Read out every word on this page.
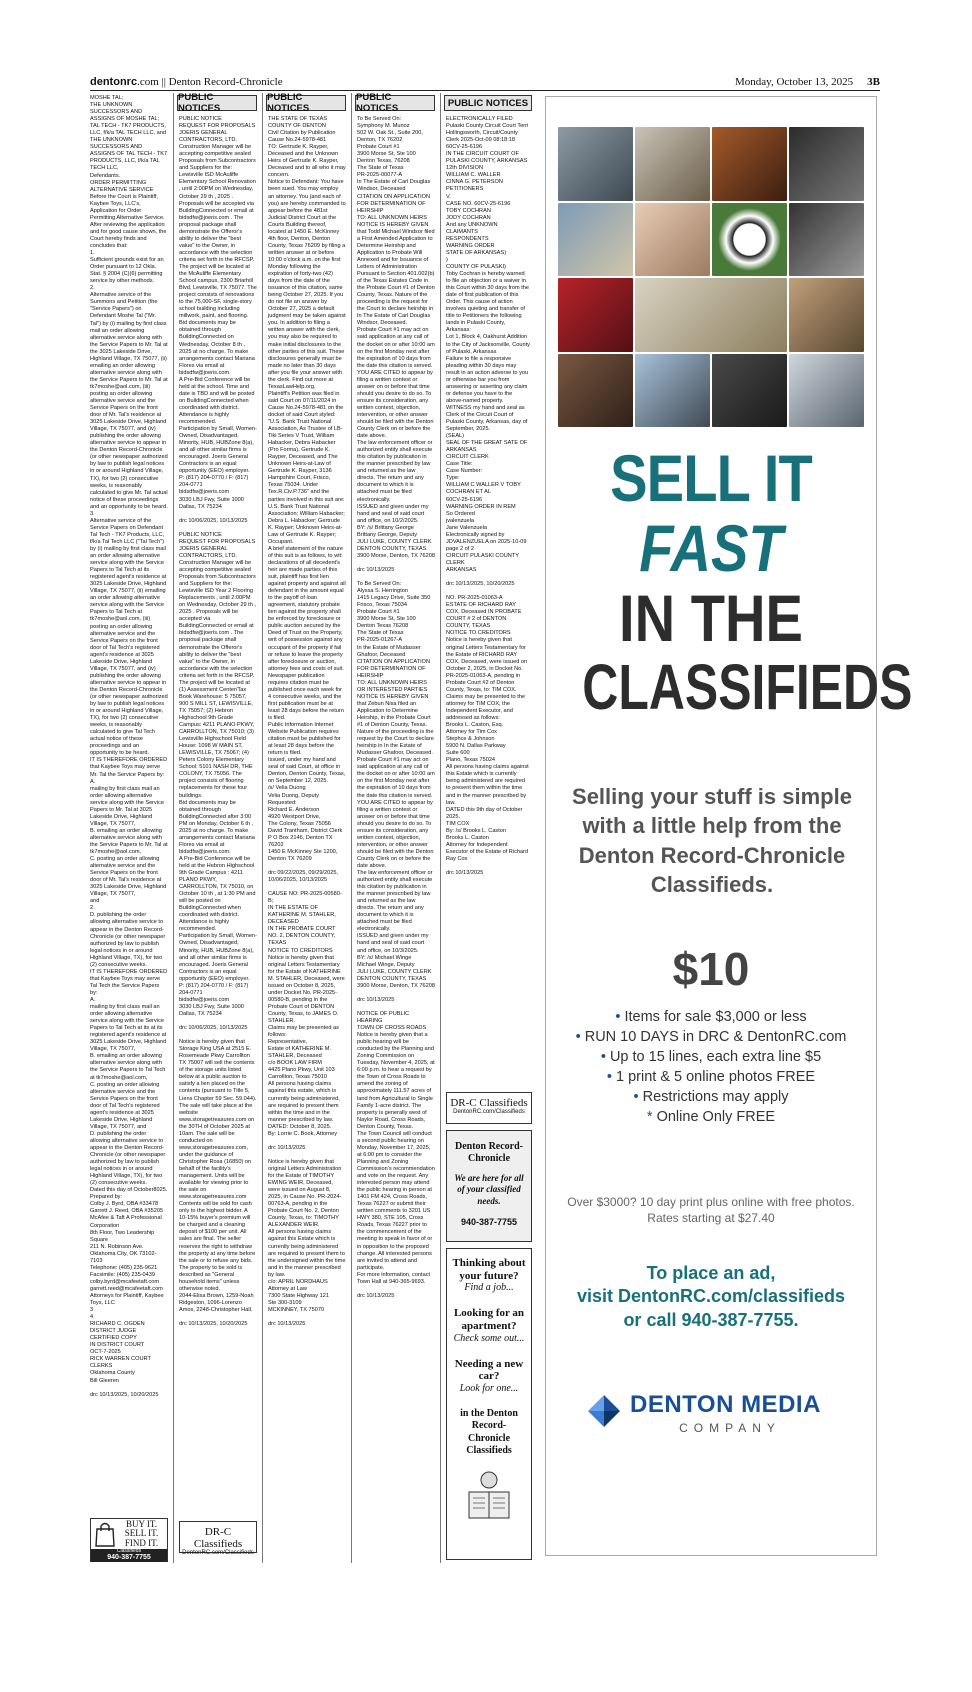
dentonrc.com || Denton Record-Chronicle	Monday, October 13, 2025 3B

MOSHE TAL;
THE UNKNOWN SUCCESSORS AND ASSIGNS OF MOSHE TAL;
TAL TECH - TK7 PRODUCTS, LLC, f/k/a TAL TECH LLC, and THE UNKNOWN SUCCESSORS AND ASSIGNS OF TAL TECH - TK7 PRODUCTS, LLC, f/k/a TAL TECH LLC,
Defendants.
ORDER PERMITTING ALTERNATIVE SERVICE
Before the Court is Plaintiff, Kaybee Toys, LLC's, Application for Order Permitting Alternative Service. After reviewing the application and for good cause shown, the Court hereby finds and concludes that:
1.
Sufficient grounds exist for an Order pursuant to 12 Okla. Stat. § 2004 (C)(6) permitting service by other methods.
2.
Alternative service of the Summons and Petition (the "Service Papers") on Defendant Moshe Tal ("Mr. Tal") by (i) mailing by first class mail an order allowing alternative service along with the Service Papers to Mr. Tal at the 3025 Lakeside Drive, Highland Village, TX 75077, (ii) emailing an order allowing alternative service along with the Service Papers to Mr. Tal at tk7moshe@aol.com, (iii) posting an order allowing alternative service and the Service Papers on the front door of Mr. Tal's residence at 3025 Lakeside Drive, Highland Village, TX 75077, and (iv) publishing the order allowing alternative service to appear in the Denton Record-Chronicle (or other newspaper authorized by law to publish legal notices in or around Highland Village, TX), for two (2) consecutive weeks, is reasonably calculated to give Mr. Tal actual notice of these proceedings and an opportunity to be heard.
3.
Alternative service of the Service Papers on Defendant Tal Tech - TK7 Products, LLC, f/k/a Tal Tech LLC ("Tal Tech") by (i) mailing by first class mail an order allowing alternative service along with the Service Papers to Tal Tech at its registered agent's residence at 3025 Lakeside Drive, Highland Village, TX 75077, (ii) emailing an order allowing alternative service along with the Service Papers to Tal Tech at tk7moshe@aol.com, (iii) posting an order allowing alternative service and the Service Papers on the front door of Tal Tech's registered agent's residence at 3025 Lakeside Drive, Highland Village, TX 75077, and (iv) publishing the order allowing alternative service to appear in the Denton Record-Chronicle (or other newspaper authorized by law to publish legal notices in or around Highland Village, TX), for two (2) consecutive weeks, is reasonably calculated to give Tal Tech actual notice of these proceedings and an opportunity to be heard.
IT IS THEREFORE ORDERED that Kaybee Toys may serve Mr. Tal the Service Papers by:
A.
mailing by first class mail an order allowing alternative service along with the Service Papers to Mr. Tal at 3025 Lakeside Drive, Highland Village, TX 75077,
B. emailing an order allowing alternative service along with the Service Papers to Mr. Tal at tk7moshe@aol.com,
C. posting an order allowing alternative service and the Service Papers on the front door of Mr. Tal's residence at 3025 Lakeside Drive, Highland Village, TX 75077,
and
2.
D. publishing the order allowing alternative service to appear in the Denton Record-Chronicle (or other newspaper authorized by law to publish legal notices in or around Highland Village, TX), for two (2) consecutive weeks.
IT IS THEREFORE ORDERED that Kaybee Toys may serve Tal Tech the Service Papers by:
A.
mailing by first class mail an order allowing alternative service along with the Service Papers to Tal Tech at its at its registered agent's residence at 3025 Lakeside Drive, Highland Village, TX 75077,
B. emailing an order allowing alternative service along with the Service Papers to Tal Tech at tk7moshe@aol.com,
C. posting an order allowing alternative service and the Service Papers on the front door of Tal Tech's registered agent's residence at 3025 Lakeside Drive, Highland Village, TX 75077, and
D. publishing the order allowing alternative service to appear in the Denton Record-Chronicle (or other newspaper authorized by law to publish legal notices in or around Highland Village, TX), for two (2) consecutive weeks.
Dated this day of October8025.
Prepared by:
Colby J. Byrd, OBA #33478
Garrett J. Reed, OBA #35205
McAfee & Taft A Professional Corporation
8th Floor, Two Leadership Square
211 N. Robinson Ave.
Oklahoma City, OK 73102-7103
Telephone: (405) 235-9621
Facsimile: (405) 235-0439
colby.byrd@mcafeetaft.com
garrett.reed@mcafeetaft.com
Attorneys for Plaintiff, Kaybee Toys, LLC
3
4
RICHARD C. OGDEN
DISTRICT JUDGE
CERTIFIED COPY
IN DISTRICT COURT
OCT-7-2025
RICK WARREN COURT CLERKS
Oklahoma County
Bill Gleeren

drc 10/13/2025, 10/20/2025

BUY IT.
SELL IT.
FIND IT.
Classifieds
940-387-7755
PUBLIC NOTICES

PUBLIC NOTICE
REQUEST FOR PROPOSALS
JOERIS GENERAL CONTRACTORS, LTD.
Construction Manager will be accepting competitive sealed Proposals from Subcontractors and Suppliers for the: Lewisville ISD McAuliffe Elementary School Renovation , until 2:00PM on Wednesday, October 29 th , 2025 . Proposals will be accepted via BuildingConnected or email at bidsdfw@joeris.com . The proposal package shall demonstrate the Offeror's ability to deliver the "best value" to the Owner, in accordance with the selection criteria set forth in the RFCSP.
The project will be located at the McAuliffe Elementary School campus, 2300 Briarhill Blvd, Lewisville, TX 75077. The project consists of renovations to the 75,000-SF, single-story school building including millwork, paint, and flooring.
Bid documents may be obtained through BuildingConnected on Wednesday, October 8 th , 2025 at no charge. To make arrangements contact Mariana Flores via email at bidsdfw@joeris.com.
A Pre-Bid Conference will be held at the school. Time and date is TBD and will be posted on BuildingConnected when coordinated with district. Attendance is highly recommended.
Participation by Small, Women-Owned, Disadvantaged, Minority, HUB, HUBZone 8(a), and all other similar firms is encouraged. Joeris General Contractors is an equal opportunity (EEO) employer.
P: (817) 204-0770 / F: (817) 204-0771
bidsdfw@joeris.com
3030 LBJ Fwy, Suite 1000
Dallas, TX 75234

drc 10/06/2025, 10/13/2025

PUBLIC NOTICE
REQUEST FOR PROPOSALS
JOERIS GENERAL CONTRACTORS, LTD.
Construction Manager will be accepting competitive sealed Proposals from Subcontractors and Suppliers for the: Lewisville ISD Year 2 Flooring Replacements , until 2:00PM on Wednesday, October 29 th , 2025 . Proposals will be accepted via BuildingConnected or email at bidsdfw@joeris.com . The proposal package shall demonstrate the Offeror's ability to deliver the "best value" to the Owner, in accordance with the selection criteria set forth in the RFCSP.
The project will be located at (1) Assessment Center/Tax Book Warehouse: 5 75057, 900 S MILL ST, LEWISVILLE, TX 75057; (2) Hebron Highschool 9th Grade Campus: 4211 PLANO PKWY, CARROLLTON, TX 75010; (3) Lewisville Highschool Field House: 1098 W MAIN ST, LEWISVILLE, TX 75067; (4) Peters Colony Elementary School: 5101 NASH DR, THE COLONY, TX 75056. The project consists of flooring replacements for these four buildings.
Bid documents may be obtained through BuildingConnected after 3:00 PM on Monday, October 6 th , 2025 at no charge. To make arrangements contact Mariana Flores via email at bidsdfw@joeris.com.
A Pre-Bid Conference will be held at the Hebron Highschool 9th Grade Campus : 4211 PLANO PKWY, CARROLLTON, TX 75010, on October 10 th , at 1:30 PM and will be posted on BuildingConnected when coordinated with district. Attendance is highly recommended.
Participation by Small, Women-Owned, Disadvantaged, Minority, HUB, HUBZone 8(a), and all other similar firms is encouraged. Joeris General Contractors is an equal opportunity (EEO) employer.
P: (817) 204-0770 / F: (817) 204-0771
bidsdfw@joeris.com
3030 LBJ Fwy, Suite 1000
Dallas, TX 75234

drc 10/06/2025, 10/13/2025

Notice is hereby given that Storage King USA at 2515 E. Rosemeade Pkwy Carrollton TX 75007 will sell the contents of the storage units listed below at a public auction to satisfy a lien placed on the contents (pursuant to Title 5, Liens Chapter 59 Sec. 59.044). The sale will take place at the website www.storagetreasures.com on the 30TH of October 2025 at 10am. The sale will be conducted on www.storagetreasures.com, under the guidance of Christopher Rosa (16850) on behalf of the facility's management. Units will be available for viewing prior to the sale on www.storagetreasures.com Contents will be sold for cash only to the highest bidder. A 10-15% buyer's premium will be charged and a cleaning deposit of $100 per unit. All sales are final. The seller reserves the right to withdraw the property at any time before the sale or to refuse any bids. The property to be sold is described as "General household items" unless otherwise noted.
2044-Elisa Brown, 1259-Noah Ridgeston, 1096-Lorenzo Amos, 2248-Christopher Hall.

drc 10/13/2025, 10/20/2025

DR-C Classifieds
DentonRC.com/Classifieds
PUBLIC NOTICES

THE STATE OF TEXAS
COUNTY OF DENTON
Civil Citation by Publication
Cause No.24-5978-481
TO: Gertrude K. Rayper, Deceased and the Unknown Heirs of Gertrude K. Rayper, Deceased and to all who it may concern.
Notice to Defendant: You have been sued. You may employ an attorney. You (and each of you) are hereby commanded to appear before the 481st Judicial District Court at the Courts Building thereof, located at 1450 E. McKinney 4th floor, Denton, Denton County, Texas 76209 by filing a written answer at or before 10:00 o'clock a.m. on the first Monday following the expiration of forty-two (42) days from the date of the issuance of this citation, same being October 27, 2025. If you do not file an answer by October 27, 2025 a default judgment may be taken against you. In addition to filing a written answer with the clerk, you may also be required to make initial disclosures to the other parties of this suit. These disclosures generally must be made no later than 30 days after you file your answer with the clerk. Find out more at TexasLawHelp.org.
Plaintiff's Petition was filed in said Court on 07/11/2024 in Cause No.24-5978-481 on the docket of said Court styled: "U.S. Bank Trust National Association, As Trustee of LB-Tiki Series V Trust, William Habacker, Debra Habacker (Pro Forma), Gertrude K. Rayper, Deceased, and The Unknown Heirs-at-Law of Gertrude K. Rayper, 3136 Hampshire Court, Frisco, Texas 75034. Under Tex.R.Civ.P.736" and the parties involved in this suit are: U.S. Bank Trust National Association; William Habacker; Debra L. Habacker; Gertrude K. Rayper; Unknown Heirs-at-Law of Gertrude K. Rayper; Occupant.
A brief statement of the nature of this suit is as follows, to wit: declarations of all decedent's heir are made parties of this suit, plaintiff has first lien against property and against all defendant in the amount equal to the payoff of loan agreement, statutory probate lien against the property shall be enforced by foreclosure or public auction secured by the Deed of Trust on the Property, writ of possession against any occupant of the property if fail or refuse to leave the property after foreclosure or auction, attorney fees and costs of suit.
Newspaper publication requires citation must be published once each week for 4 consecutive weeks, and the first publication must be at least 28 days before the return is filed.
Public Information Internet Website Publication requires citation must be published for at least 28 days before the return is filed.
Issued, under my hand and seal of said Court, at office in Denton, Denton County, Texas, on September 12, 2025.
/s/ Velia Duong
Velia Duong, Deputy
Requested:
Richard E. Anderson
4920 Westport Drive,
The Colony, Texas 75056
David Trantham, District Clerk
P O Box 2146, Denton TX 76202
1450 E McKinney Ste 1200,
Denton TX 76209

drc 09/22/2025, 09/29/2025, 10/06/2025, 10/13/2025

CAUSE NO: PR-2025-00580-B;
IN THE ESTATE OF KATHERINE M. STAHLER, DECEASED
IN THE PROBATE COURT NO. 2, DENTON COUNTY, TEXAS
NOTICE TO CREDITORS
Notice is hereby given that original Letters Testamentary for the Estate of KATHERINE M. STAHLER, Deceased, were issued on October 8, 2025, under Docket No. PR-2025-00580-B, pending in the Probate Court of DENTON County, Texas, to JAMES O. STAHLER.
Claims may be presented as follows:
Representative,
Estate of KATHERINE M. STAHLER, Deceased
c/o BOOK LAW FIRM
4425 Plano Pkwy, Unit 103
Carrollton, Texas 75010
All persons having claims against this estate, which is currently being administered, are required to present them within the time and in the manner prescribed by law.
DATED: October 8, 2025.
By: Lorrie C. Book, Attorney

drc 10/13/2025

Notice is hereby given that original Letters Administration for the Estate of TIMOTHY EWING WEIR, Deceased, were issued on August 8, 2025, in Cause No. PR-2024-00763-A, pending in the Probate Court No. 2, Denton County, Texas, to: TIMOTHY ALEXANDER WEIR.
All persons having claims against this Estate which is currently being administered are required to present them to the undersigned within the time and in the manner prescribed by law.
c/o: APRIL NORDHAUS
Attorney at Law
7300 State Highway 121
Ste 300-3109
MCKINNEY, TX 75070

drc 10/13/2025

PUBLIC NOTICES

To Be Served On:
Symphony M. Munoz
502 W. Oak St., Suite 200,
Denton, TX 76202
Probate Court #1
3900 Morse St, Ste 100
Denton Texas, 76208
The State of Texas
PR-2025-00077-A
In The Estate of Carl Douglas Windsor, Deceased
CITATION ON APPLICATION FOR DETERMINATION OF HEIRSHIP
TO: ALL UNKNOWN HEIRS
NOTICE IS HEREBY GIVEN that Todd Michael Windsor filed a First Amended Application to Determine Heirship and Application to Probate Will Annexed and for Issuance of Letters of Administration Pursuant to Section 401.002(b) of the Texas Estates Code in the Probate Court #1 of Denton County, Texas. Nature of the proceeding is the request for the Court to declare heirship in In The Estate of Carl Douglas Windsor, Deceased.
Probate Court #1 may act on said application at any call of the docket on or after 10:00 am on the first Monday next after the expiration of 10 days from the date this citation is served.
YOU ARE CITED to appear by filing a written contest or answer on or before that time should you desire to do so. To ensure its consideration, any written contest, objection, intervention, or other answer should be filed with the Denton County Clerk on or before the date above.
The law enforcement officer or authorized entity shall execute this citation by publication in the manner prescribed by law and returned as the law directs. The return and any document to which it is attached must be filed electronically.
ISSUED and given under my hand and seal of said court and office, on 10/2/2025.
BY: /s/ Brittany George
Brittany George, Deputy
JULI LUKE, COUNTY CLERK
DENTON COUNTY, TEXAS
3900 Morse, Denton, TX 76208

drc 10/13/2025

To Be Served On:
Alyssa S. Herrington
1415 Legacy Drive, Suite 350
Frisco, Texas 75034
Probate Court #1
3900 Morse St, Ste 100
Denton Texas 76208
The State of Texas
PR-2025-01267-A
In the Estate of Mudasser Ghafoor, Deceased
CITATION ON APPLICATION FOR DETERMINATION OF HEIRSHIP
TO: ALL UNKNOWN HEIRS OR INTERESTED PARTIES
NOTICE IS HEREBY GIVEN that Zebun Nisa filed an Application to Determine Heirship, in the Probate Court #1 of Denton County, Texas. Nature of the proceeding is the request by the Court to declare heirship in In the Estate of Mudasser Ghafoor, Deceased.
Probate Court #1 may act on said application at any call of the docket on or after 10:00 am on the first Monday next after the expiration of 10 days from the date this citation is served.
YOU ARE CITED to appear by filing a written contest or answer on or before that time should you desire to do so. To ensure its consideration, any written contest, objection, intervention, or other answer should be filed with the Denton County Clerk on or before the date above.
The law enforcement officer or authorized entity shall execute this citation by publication in the manner prescribed by law and returned as the law directs. The return and any document to which it is attached must be filed electronically.
ISSUED and given under my hand and seal of said court and office, on 10/3/2025.
BY: /s/ Michael Winge
Michael Winge, Deputy
JULI LUKE, COUNTY CLERK
DENTON COUNTY, TEXAS
3900 Morse, Denton, TX 76208

drc 10/13/2025

NOTICE OF PUBLIC HEARING
TOWN OF CROSS ROADS
Notice is hereby given that a public hearing will be conducted by the Planning and Zoning Commission on Tuesday, November 4, 2025, at 6:00 p.m. to hear a request by the Town of Cross Roads to amend the zoning of approximately 111.57 acres of land from Agricultural to Single Family 1-acre district. The property is generally west of Naylor Road, Cross Roads, Denton County, Texas.
The Town Council will conduct a second public hearing on Monday, November 17, 2025, at 6:00 pm to consider the Planning and Zoning Commission's recommendation and vote on the request. Any interested person may attend the public hearing in person at 1401 FM 424, Cross Roads, Texas 76227 or submit their written comments to 3201 US HWY 380, STE 105, Cross Roads, Texas 76227 prior to the commencement of the meeting to speak in favor of or in opposition to the proposed change. All interested persons are invited to attend and participate.
For more information, contact Town Hall at 940-365-9693.

drc 10/13/2025

PUBLIC NOTICES

ELECTRONICALLY FILED
Pulaski County Circuit Court Terri Hollingsworth, Circuit/County Clerk 2025-Oct-09 08:18:18 60CV-25-6196
IN THE CIRCUIT COURT OF PULASKI COUNTY, ARKANSAS 12th DIVISION
WILLIAM C. WALLER
CINNA G. PETERSON
PETITIONERS
V.
CASE NO. 60CV-25-6196
TOBY COCHRAN
JODY COCHRAN
And any UNKNOWN CLAIMANTS
RESPONDENTS
WARNING ORDER
STATE OF ARKANSAS)
)
COUNTY OF PULASKI)
Toby Cochran is hereby warned to file an objection or a waiver in this Court within 30 days from the date of first publication of this Order. This cause of action involves quieting and transfer of title to Petitioners the following lands in Pulaski County, Arkansas:
Lot 1, Block 4, Oakhurst Addition to the City of Jacksonville, County of Pulaski, Arkansas
Failure to file a responsive pleading within 30 days may result in an action adverse to you or otherwise bar you from answering or asserting any claim or defense you have to the above-named property.
WITNESS my hand and seal as Clerk of the Circuit Court of Pulaski County, Arkansas, day of September, 2025.
(SEAL)
SEAL OF THE GREAT SATE OF ARKANSAS
CIRCUIT CLERK
Case Title:
Case Number:
Type:
WILLIAM C WALLER V TOBY COCHRAN ET AL
60CV-25-6196
WARNING ORDER IN REM
So Ordered
jvalenzuela
Jane Valenzuela
Electronically signed by JDVALENZUELA on 2025-10-09 page 2 of 2
CIRCUIT PULASKI COUNTY CLERK
ARKANSAS

drc 10/13/2025, 10/20/2025

NO. PR-2025-01063-A
ESTATE OF RICHARD RAY COX, Deceased IN PROBATE COURT # 2 of DENTON COUNTY, TEXAS
NOTICE TO CREDITORS
Notice is hereby given that original Letters Testamentary for the Estate of RICHARD RAY COX, Deceased, were issued on October 2, 2025, in Docket No. PR-2025-01063-A, pending in Probate Court #2 of Denton County, Texas, to: TIM COX.
Claims may be presented to the attorney for TIM COX, the Independent Executor, and addressed as follows:
Brooks L. Caston, Esq.
Attorney for Tim Cox
Stephce & Johnson
5900 N. Dallas Parkway
Suite 600
Plano, Texas 75024
All persons having claims against this Estate which is currently being administered are required to present them within the time and in the manner prescribed by law.
DATED this 9th day of October 2025.
TIM COX
By: /s/ Brooks L. Caston
Brooks L. Caston
Attorney for Independent Executor of the Estate of Richard Ray Cox

drc 10/13/2025

DR-C Classifieds
DentonRC.com/Classifieds
Denton Record-Chronicle
We are here for all of your classified needs.
940-387-7755
Thinking about your future?
Find a job...
Looking for an apartment?
Check some out...
Needing a new car?
Look for one...
in the Denton Record-Chronicle Classifieds
SELL IT
FAST
IN THE
CLASSIFIEDS
Selling your stuff is simple with a little help from the Denton Record-Chronicle Classifieds.
$10
• Items for sale $3,000 or less
• RUN 10 DAYS in DRC & DentonRC.com
• Up to 15 lines, each extra line $5
• 1 print & 5 online photos FREE
• Restrictions may apply
* Online Only FREE
Over $3000? 10 day print plus online with free photos.
Rates starting at $27.40
To place an ad,
visit DentonRC.com/classifieds
or call 940-387-7755.
DENTON MEDIA
COMPANY
